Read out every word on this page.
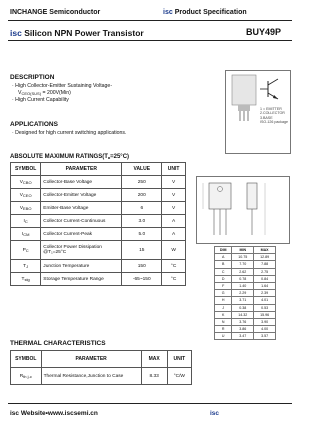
INCHANGE Semiconductor	isc Product Specification
isc Silicon NPN Power Transistor	BUY49P
DESCRIPTION
· High Collector-Emitter Sustaining Voltage-
$V_{CEO(SUS)} = 200V(Min)$
· High Current Capability
APPLICATIONS
· Designed for high current switching applications.
1 = EMITTER
2.COLLECTOR
3.BASE
ISO-126 package
ABSOLUTE MAXIMUM $RATINGS(T_a=25^\circ C)$
SYMBOL	PARAMETER	VALUE	UNIT
$V_{CBO}$	Collector-Base Voltage	250	V
$V_{CEO}$	Collector-Emitter Voltage	200	V
$V_{EBO}$	Emitter-Base Voltage	6	V
$I_C$	Collector Current-Continuous	3.0	A
$I_{CM}$	Collector Current-Peak	5.0	A
$P_C$	Collector Power Dissipation
@T₁=25°C	15	W
$T_J$	Junction Temperature	150	°C
$T_{stg}$	Storage Temperature Range	-65~150	°C
DIM	MIN	MAX
A	10.75	12.89
B	7.70	7.88
C	2.62	2.75
D	0.78	0.84
F	1.40	1.64
G	2.29	2.39
H	3.71	4.01
J	0.38	0.53
K	14.32	15.96
N	3.76	3.90
R	3.86	4.00
U	3.47	3.57
THERMAL CHARACTERISTICS
SYMBOL	PARAMETER	MAX	UNIT
$R_{th j-c}$	Thermal Resistance,Junction to Case	8.33	°C/W
isc Website•www.iscsemi.cn	isc
